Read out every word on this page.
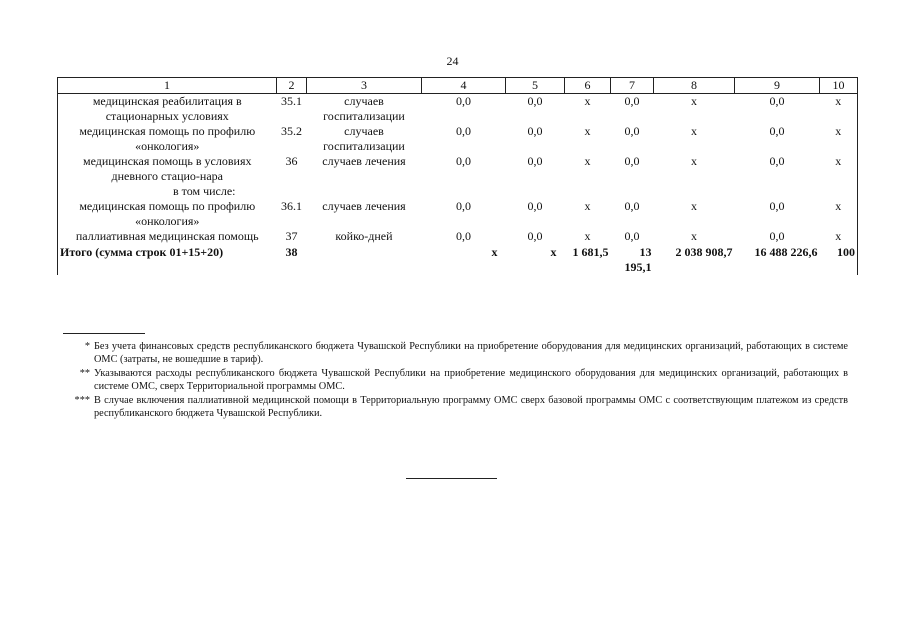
24
1	2	3	4	5	6	7	8	9	10
медицинская реабилитация в стационарных условиях	35.1	случаев госпитализации	0,0	0,0	х	0,0	х	0,0	х
медицинская помощь по профилю «онкология»	35.2	случаев госпитализации	0,0	0,0	х	0,0	х	0,0	х
медицинская помощь в условиях дневного стацио-нара	36	случаев лечения	0,0	0,0	х	0,0	х	0,0	х
в том числе:									
медицинская помощь по профилю «онкология»	36.1	случаев лечения	0,0	0,0	х	0,0	х	0,0	х
паллиативная медицинская помощь	37	койко-дней	0,0	0,0	х	0,0	х	0,0	х
Итого (сумма строк 01+15+20)	38		х	х	1 681,5	13 195,1	2 038 908,7	16 488 226,6	100
* Без учета финансовых средств республиканского бюджета Чувашской Республики на приобретение оборудования для медицинских организаций, работающих в системе ОМС (затраты, не вошедшие в тариф).
** Указываются расходы республиканского бюджета Чувашской Республики на приобретение медицинского оборудования для медицинских организаций, работающих в системе ОМС, сверх Территориальной программы ОМС.
*** В случае включения паллиативной медицинской помощи в Территориальную программу ОМС сверх базовой программы ОМС с соответствующим платежом из средств республиканского бюджета Чувашской Республики.
